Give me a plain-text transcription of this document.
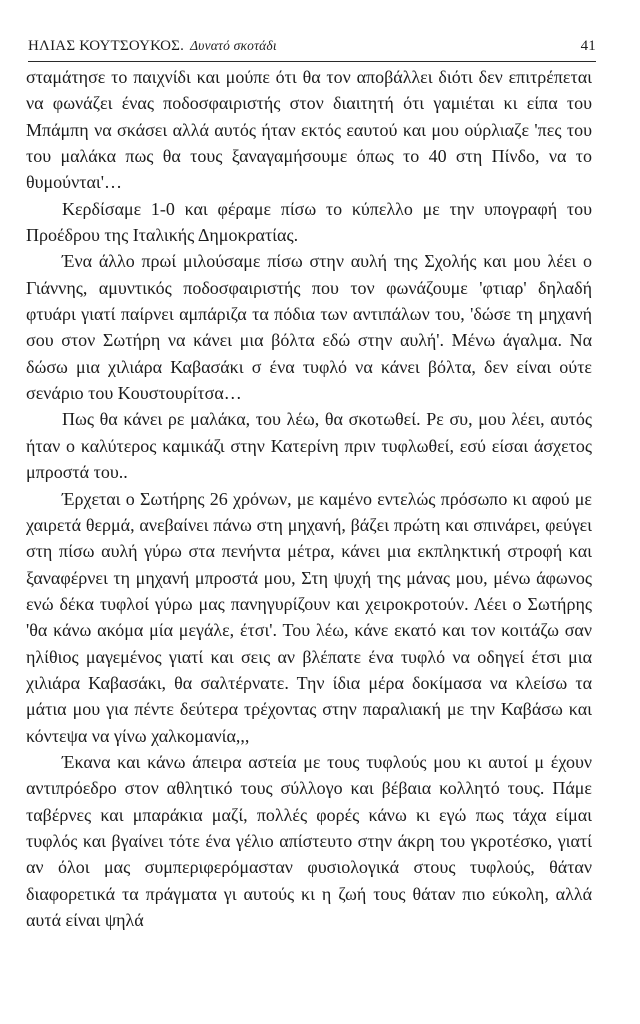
ΗΛΙΑΣ ΚΟΥΤΣΟΥΚΟΣ. Δυνατό σκοτάδι	41

σταμάτησε το παιχνίδι και μούπε ότι θα τον αποβάλλει διότι δεν επιτρέπεται να φωνάζει ένας ποδοσφαιριστής στον διαιτητή ότι γαμιέται κι είπα του Μπάμπη να σκάσει αλλά αυτός ήταν εκτός εαυτού και μου ούρλιαζε 'πες του του μαλάκα πως θα τους ξαναγαμήσουμε όπως το 40 στη Πίνδο, να το θυμούνται'…

Κερδίσαμε 1-0 και φέραμε πίσω το κύπελλο με την υπογραφή του Προέδρου της Ιταλικής Δημοκρατίας.

Ένα άλλο πρωί μιλούσαμε πίσω στην αυλή της Σχολής και μου λέει ο Γιάννης, αμυντικός ποδοσφαιριστής που τον φωνάζουμε 'φτιαρ' δηλαδή φτυάρι γιατί παίρνει αμπάριζα τα πόδια των αντιπάλων του, 'δώσε τη μηχανή σου στον Σωτήρη να κάνει μια βόλτα εδώ στην αυλή'. Μένω άγαλμα. Να δώσω μια χιλιάρα Καβασάκι σ ένα τυφλό να κάνει βόλτα, δεν είναι ούτε σενάριο του Κουστουρίτσα…

Πως θα κάνει ρε μαλάκα, του λέω, θα σκοτωθεί. Ρε συ, μου λέει, αυτός ήταν ο καλύτερος καμικάζι στην Κατερίνη πριν τυφλωθεί, εσύ είσαι άσχετος μπροστά του..

Έρχεται ο Σωτήρης 26 χρόνων, με καμένο εντελώς πρόσωπο κι αφού με χαιρετά θερμά, ανεβαίνει πάνω στη μηχανή, βάζει πρώτη και σπινάρει, φεύγει στη πίσω αυλή γύρω στα πενήντα μέτρα, κάνει μια εκπληκτική στροφή και ξαναφέρνει τη μηχανή μπροστά μου, Στη ψυχή της μάνας μου, μένω άφωνος ενώ δέκα τυφλοί γύρω μας πανηγυρίζουν και χειροκροτούν. Λέει ο Σωτήρης 'θα κάνω ακόμα μία μεγάλε, έτσι'. Του λέω, κάνε εκατό και τον κοιτάζω σαν ηλίθιος μαγεμένος γιατί και σεις αν βλέπατε ένα τυφλό να οδηγεί έτσι μια χιλιάρα Καβασάκι, θα σαλτέρνατε. Την ίδια μέρα δοκίμασα να κλείσω τα μάτια μου για πέντε δεύτερα τρέχοντας στην παραλιακή με την Καβάσω και κόντεψα να γίνω χαλκομανία,,,

Έκανα και κάνω άπειρα αστεία με τους τυφλούς μου κι αυτοί μ έχουν αντιπρόεδρο στον αθλητικό τους σύλλογο και βέβαια κολλητό τους. Πάμε ταβέρνες και μπαράκια μαζί, πολλές φορές κάνω κι εγώ πως τάχα είμαι τυφλός και βγαίνει τότε ένα γέλιο απίστευτο στην άκρη του γκροτέσκο, γιατί αν όλοι μας συμπεριφερόμασταν φυσιολογικά στους τυφλούς, θάταν διαφορετικά τα πράγματα γι αυτούς κι η ζωή τους θάταν πιο εύκολη, αλλά αυτά είναι ψηλά
